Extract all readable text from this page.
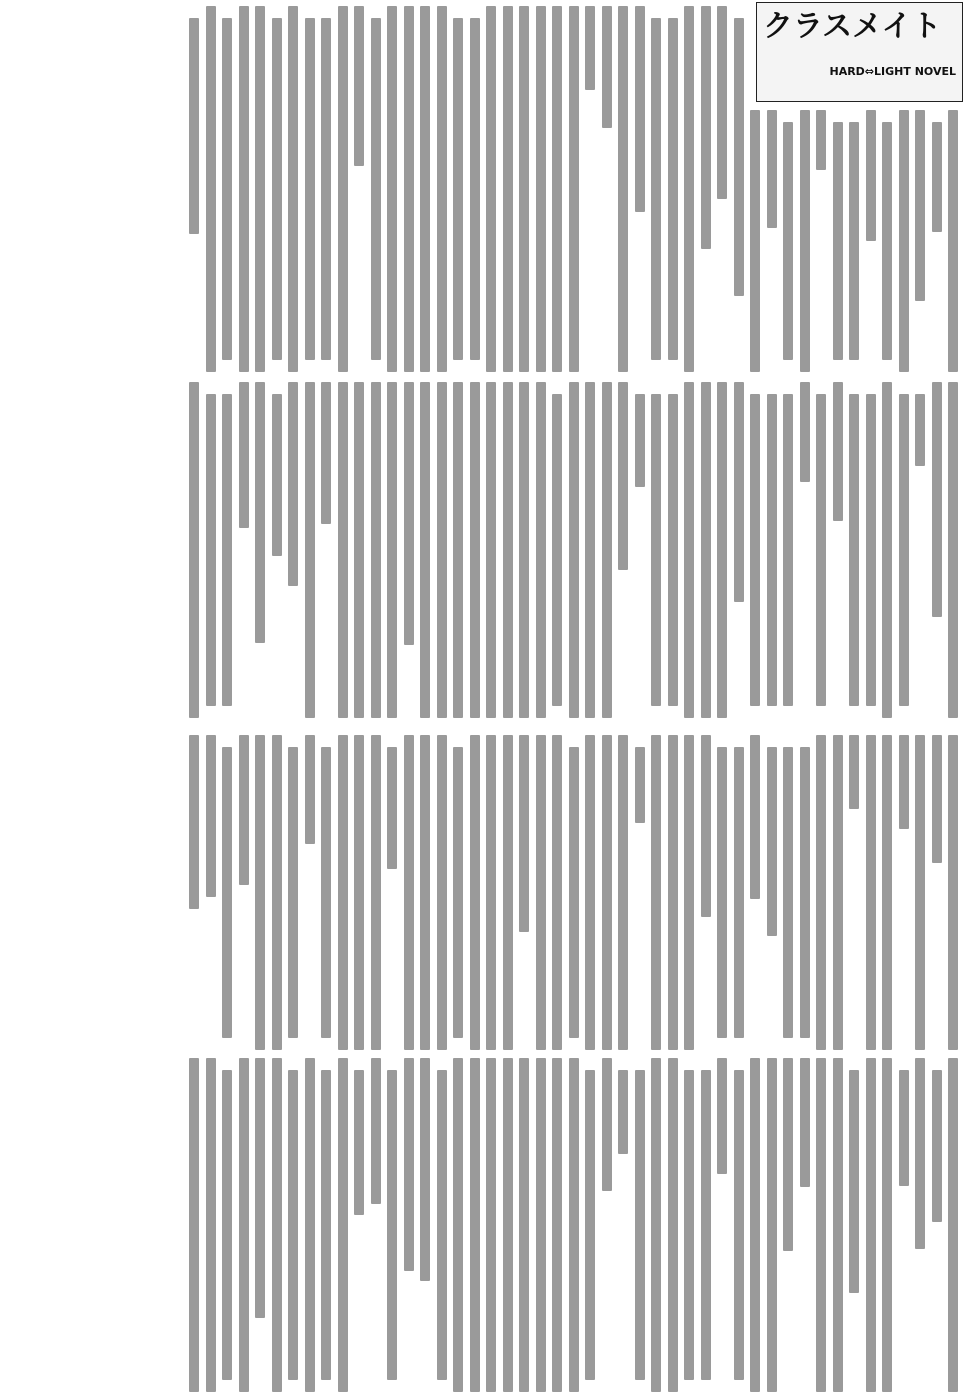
クラスメイト
HARD⇔LIGHT NOVEL
